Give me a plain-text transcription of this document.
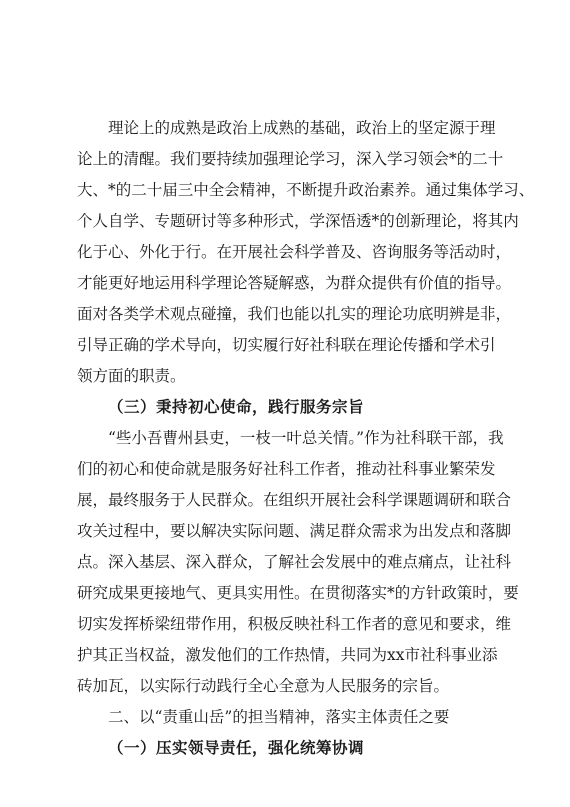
理论上的成熟是政治上成熟的基础，政治上的坚定源于理
论上的清醒。我们要持续加强理论学习，深入学习领会*的二十
大、*的二十届三中全会精神，不断提升政治素养。通过集体学习、
个人自学、专题研讨等多种形式，学深悟透*的创新理论，将其内
化于心、外化于行。在开展社会科学普及、咨询服务等活动时，
才能更好地运用科学理论答疑解惑，为群众提供有价值的指导。
面对各类学术观点碰撞，我们也能以扎实的理论功底明辨是非，
引导正确的学术导向，切实履行好社科联在理论传播和学术引
领方面的职责。
（三）秉持初心使命，践行服务宗旨
“些小吾曹州县吏，一枝一叶总关情。”作为社科联干部，我
们的初心和使命就是服务好社科工作者，推动社科事业繁荣发
展，最终服务于人民群众。在组织开展社会科学课题调研和联合
攻关过程中，要以解决实际问题、满足群众需求为出发点和落脚
点。深入基层、深入群众，了解社会发展中的难点痛点，让社科
研究成果更接地气、更具实用性。在贯彻落实*的方针政策时，要
切实发挥桥梁纽带作用，积极反映社科工作者的意见和要求，维
护其正当权益，激发他们的工作热情，共同为xx市社科事业添
砖加瓦，以实际行动践行全心全意为人民服务的宗旨。
二、以“责重山岳”的担当精神，落实主体责任之要
（一）压实领导责任，强化统筹协调
